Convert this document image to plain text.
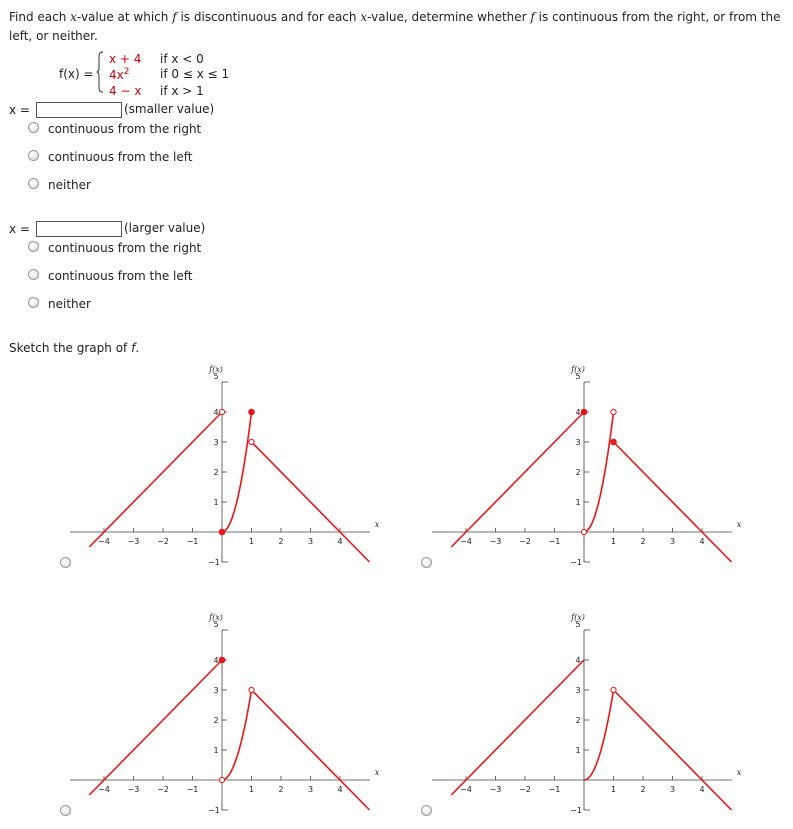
Find each x-value at which f is discontinuous and for each x-value, determine whether f is continuous from the right, or from the left, or neither.
f(x) =
x + 4 if x < 0
$4x^2$	if 0 ≤ x ≤ 1
4 − x if x > 1
x =	(smaller value)
continuous from the right
continuous from the left
neither
x =	(larger value)
continuous from the right
continuous from the left
neither
Sketch the graph of f.
−4 −3 −2 −1	1	2	3	4
1
2
3
4
5
−1
f(x)
x
−4 −3 −2 −1	1	2	3	4
1
2
3
4
5
−1
f(x)
x
−4 −3 −2 −1	1	2	3	4
1
2
3
4
5
−1
f(x)
x
−4 −3 −2 −1	1	2	3	4
1
2
3
4
5
−1
f(x)
x
